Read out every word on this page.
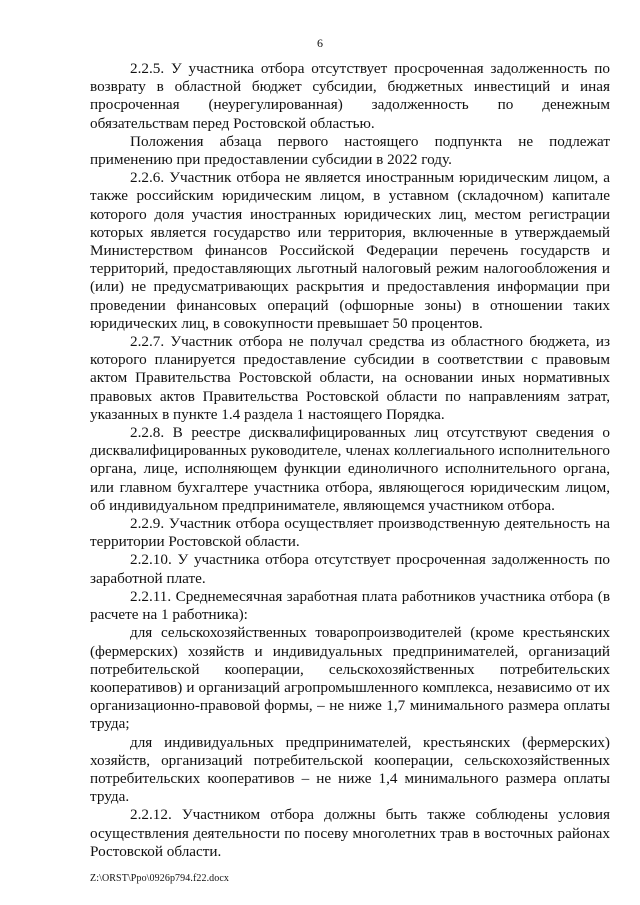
6

2.2.5. У участника отбора отсутствует просроченная задолженность по возврату в областной бюджет субсидии, бюджетных инвестиций и иная просроченная (неурегулированная) задолженность по денежным обязательствам перед Ростовской областью.

Положения абзаца первого настоящего подпункта не подлежат применению при предоставлении субсидии в 2022 году.

2.2.6. Участник отбора не является иностранным юридическим лицом, а также российским юридическим лицом, в уставном (складочном) капитале которого доля участия иностранных юридических лиц, местом регистрации которых является государство или территория, включенные в утверждаемый Министерством финансов Российской Федерации перечень государств и территорий, предоставляющих льготный налоговый режим налогообложения и (или) не предусматривающих раскрытия и предоставления информации при проведении финансовых операций (офшорные зоны) в отношении таких юридических лиц, в совокупности превышает 50 процентов.

2.2.7. Участник отбора не получал средства из областного бюджета, из которого планируется предоставление субсидии в соответствии с правовым актом Правительства Ростовской области, на основании иных нормативных правовых актов Правительства Ростовской области по направлениям затрат, указанных в пункте 1.4 раздела 1 настоящего Порядка.

2.2.8. В реестре дисквалифицированных лиц отсутствуют сведения о дисквалифицированных руководителе, членах коллегиального исполнительного органа, лице, исполняющем функции единоличного исполнительного органа, или главном бухгалтере участника отбора, являющегося юридическим лицом, об индивидуальном предпринимателе, являющемся участником отбора.

2.2.9. Участник отбора осуществляет производственную деятельность на территории Ростовской области.

2.2.10. У участника отбора отсутствует просроченная задолженность по заработной плате.

2.2.11. Среднемесячная заработная плата работников участника отбора (в расчете на 1 работника):

для сельскохозяйственных товаропроизводителей (кроме крестьянских (фермерских) хозяйств и индивидуальных предпринимателей, организаций потребительской кооперации, сельскохозяйственных потребительских кооперативов) и организаций агропромышленного комплекса, независимо от их организационно-правовой формы, – не ниже 1,7 минимального размера оплаты труда;

для индивидуальных предпринимателей, крестьянских (фермерских) хозяйств, организаций потребительской кооперации, сельскохозяйственных потребительских кооперативов – не ниже 1,4 минимального размера оплаты труда.

2.2.12. Участником отбора должны быть также соблюдены условия осуществления деятельности по посеву многолетних трав в восточных районах Ростовской области.

Z:\ORST\Ppo\0926p794.f22.docx
